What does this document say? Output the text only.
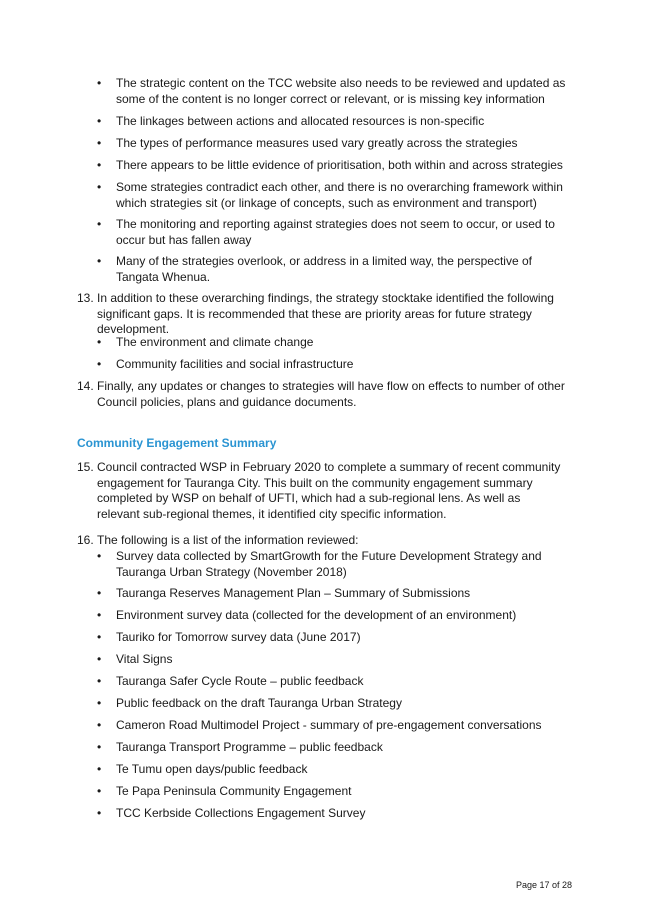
• The strategic content on the TCC website also needs to be reviewed and updated as some of the content is no longer correct or relevant, or is missing key information
• The linkages between actions and allocated resources is non-specific
• The types of performance measures used vary greatly across the strategies
• There appears to be little evidence of prioritisation, both within and across strategies
• Some strategies contradict each other, and there is no overarching framework within which strategies sit (or linkage of concepts, such as environment and transport)
• The monitoring and reporting against strategies does not seem to occur, or used to occur but has fallen away
• Many of the strategies overlook, or address in a limited way, the perspective of Tangata Whenua.
13. In addition to these overarching findings, the strategy stocktake identified the following significant gaps. It is recommended that these are priority areas for future strategy development.
• The environment and climate change
• Community facilities and social infrastructure
14. Finally, any updates or changes to strategies will have flow on effects to number of other Council policies, plans and guidance documents.
Community Engagement Summary
15. Council contracted WSP in February 2020 to complete a summary of recent community engagement for Tauranga City. This built on the community engagement summary completed by WSP on behalf of UFTI, which had a sub-regional lens. As well as relevant sub-regional themes, it identified city specific information.
16. The following is a list of the information reviewed:
• Survey data collected by SmartGrowth for the Future Development Strategy and Tauranga Urban Strategy (November 2018)
• Tauranga Reserves Management Plan – Summary of Submissions
• Environment survey data (collected for the development of an environment)
• Tauriko for Tomorrow survey data (June 2017)
• Vital Signs
• Tauranga Safer Cycle Route – public feedback
• Public feedback on the draft Tauranga Urban Strategy
• Cameron Road Multimodel Project - summary of pre-engagement conversations
• Tauranga Transport Programme – public feedback
• Te Tumu open days/public feedback
• Te Papa Peninsula Community Engagement
• TCC Kerbside Collections Engagement Survey
Page 17 of 28
